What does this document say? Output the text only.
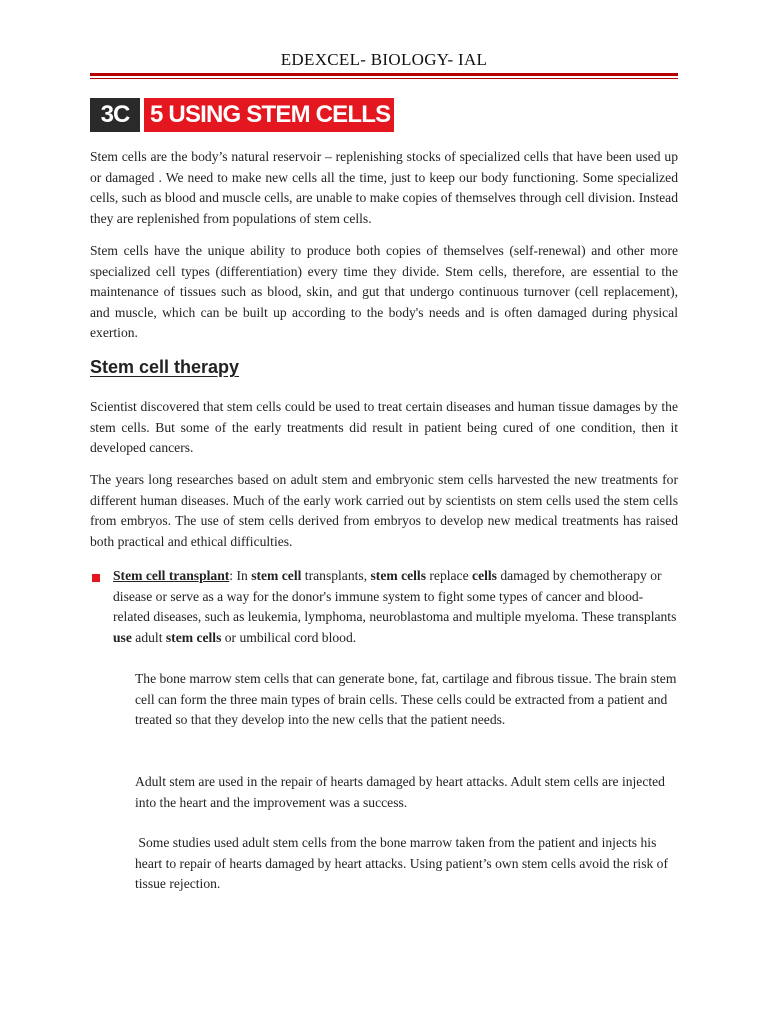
EDEXCEL- BIOLOGY- IAL
3C 5 USING STEM CELLS

Stem cells are the body’s natural reservoir – replenishing stocks of specialized cells that have been used up or damaged . We need to make new cells all the time, just to keep our body functioning. Some specialized cells, such as blood and muscle cells, are unable to make copies of themselves through cell division. Instead they are replenished from populations of stem cells.

Stem cells have the unique ability to produce both copies of themselves (self-renewal) and other more specialized cell types (differentiation) every time they divide. Stem cells, therefore, are essential to the maintenance of tissues such as blood, skin, and gut that undergo continuous turnover (cell replacement), and muscle, which can be built up according to the body's needs and is often damaged during physical exertion.

Stem cell therapy

Scientist discovered that stem cells could be used to treat certain diseases and human tissue damages by the stem cells. But some of the early treatments did result in patient being cured of one condition, then it developed cancers.

The years long researches based on adult stem and embryonic stem cells harvested the new treatments for different human diseases. Much of the early work carried out by scientists on stem cells used the stem cells from embryos. The use of stem cells derived from embryos to develop new medical treatments has raised both practical and ethical difficulties.

Stem cell transplant: In stem cell transplants, stem cells replace cells damaged by chemotherapy or disease or serve as a way for the donor's immune system to fight some types of cancer and blood-related diseases, such as leukemia, lymphoma, neuroblastoma and multiple myeloma. These transplants use adult stem cells or umbilical cord blood.

The bone marrow stem cells that can generate bone, fat, cartilage and fibrous tissue. The brain stem cell can form the three main types of brain cells. These cells could be extracted from a patient and treated so that they develop into the new cells that the patient needs.

Adult stem are used in the repair of hearts damaged by heart attacks. Adult stem cells are injected into the heart and the improvement was a success.

Some studies used adult stem cells from the bone marrow taken from the patient and injects his heart to repair of hearts damaged by heart attacks. Using patient’s own stem cells avoid the risk of tissue rejection.
